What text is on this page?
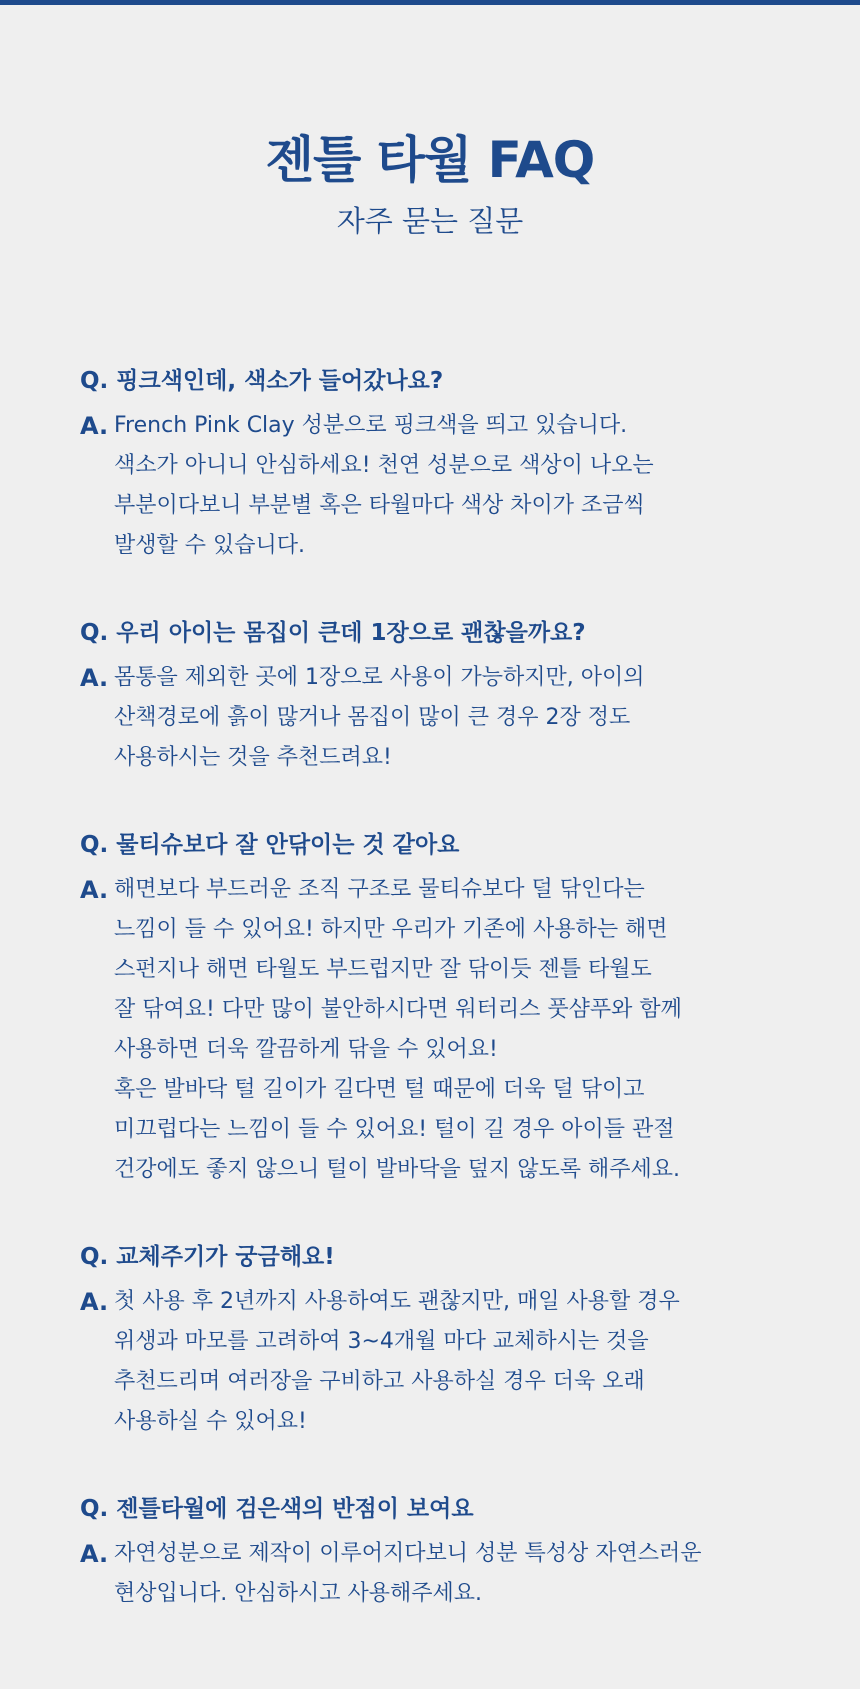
젠틀 타월 FAQ
자주 묻는 질문
Q. 핑크색인데, 색소가 들어갔나요?
A. French Pink Clay 성분으로 핑크색을 띄고 있습니다.
색소가 아니니 안심하세요! 천연 성분으로 색상이 나오는
부분이다보니 부분별 혹은 타월마다 색상 차이가 조금씩
발생할 수 있습니다.
Q. 우리 아이는 몸집이 큰데 1장으로 괜찮을까요?
A. 몸통을 제외한 곳에 1장으로 사용이 가능하지만, 아이의
산책경로에 흙이 많거나 몸집이 많이 큰 경우 2장 정도
사용하시는 것을 추천드려요!
Q. 물티슈보다 잘 안닦이는 것 같아요
A. 해면보다 부드러운 조직 구조로 물티슈보다 덜 닦인다는
느낌이 들 수 있어요! 하지만 우리가 기존에 사용하는 해면
스펀지나 해면 타월도 부드럽지만 잘 닦이듯 젠틀 타월도
잘 닦여요! 다만 많이 불안하시다면 워터리스 풋샴푸와 함께
사용하면 더욱 깔끔하게 닦을 수 있어요!
혹은 발바닥 털 길이가 길다면 털 때문에 더욱 덜 닦이고
미끄럽다는 느낌이 들 수 있어요! 털이 길 경우 아이들 관절
건강에도 좋지 않으니 털이 발바닥을 덮지 않도록 해주세요.
Q. 교체주기가 궁금해요!
A. 첫 사용 후 2년까지 사용하여도 괜찮지만, 매일 사용할 경우
위생과 마모를 고려하여 3~4개월 마다 교체하시는 것을
추천드리며 여러장을 구비하고 사용하실 경우 더욱 오래
사용하실 수 있어요!
Q. 젠틀타월에 검은색의 반점이 보여요
A. 자연성분으로 제작이 이루어지다보니 성분 특성상 자연스러운
현상입니다. 안심하시고 사용해주세요.
